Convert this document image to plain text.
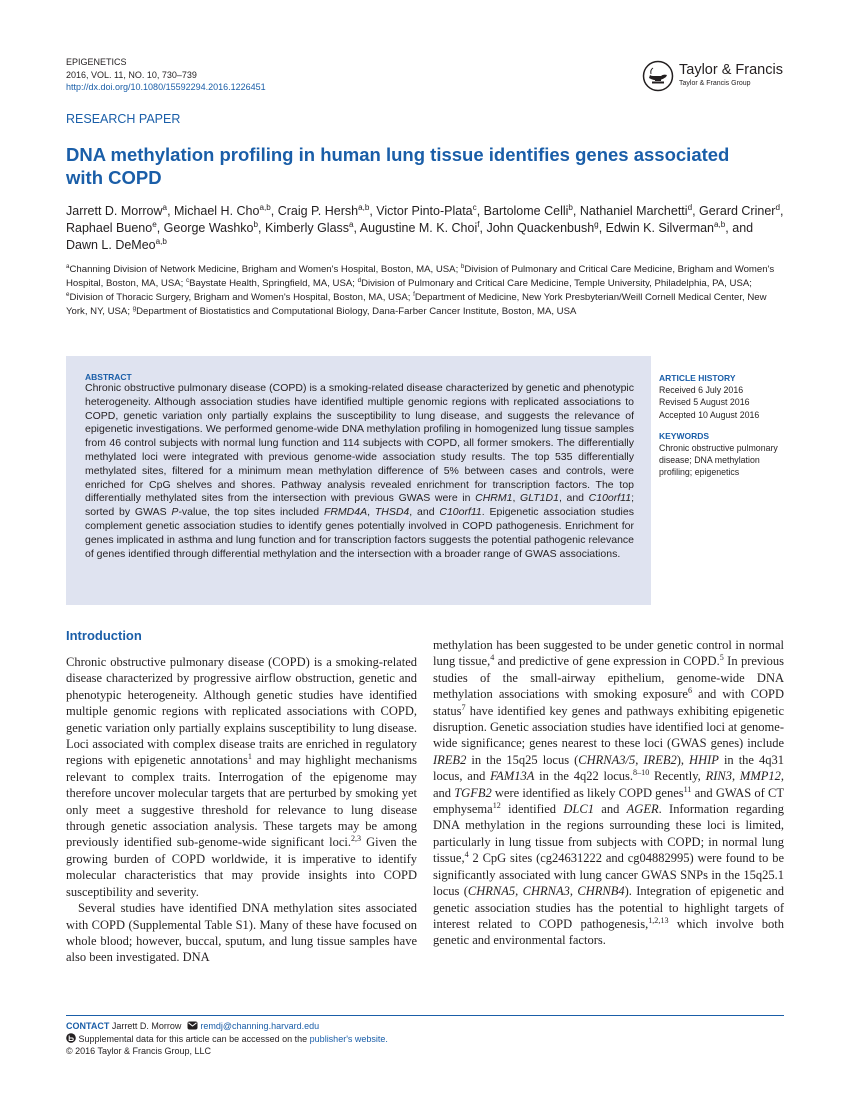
EPIGENETICS
2016, VOL. 11, NO. 10, 730–739
http://dx.doi.org/10.1080/15592294.2016.1226451
Taylor & Francis
Taylor & Francis Group
RESEARCH PAPER
DNA methylation profiling in human lung tissue identifies genes associated with COPD
Jarrett D. Morrow$^a$, Michael H. Cho$^{a,b}$, Craig P. Hersh$^{a,b}$, Victor Pinto-Plata$^c$, Bartolome Celli$^b$, Nathaniel Marchetti$^d$, Gerard Criner$^d$, Raphael Bueno$^e$, George Washko$^b$, Kimberly Glass$^a$, Augustine M. K. Choi$^f$, John Quackenbush$^g$, Edwin K. Silverman$^{a,b}$, and Dawn L. DeMeo$^{a,b}$
$^a$Channing Division of Network Medicine, Brigham and Women's Hospital, Boston, MA, USA; $^b$Division of Pulmonary and Critical Care Medicine, Brigham and Women's Hospital, Boston, MA, USA; $^c$Baystate Health, Springfield, MA, USA; $^d$Division of Pulmonary and Critical Care Medicine, Temple University, Philadelphia, PA, USA; $^e$Division of Thoracic Surgery, Brigham and Women's Hospital, Boston, MA, USA; $^f$Department of Medicine, New York Presbyterian/Weill Cornell Medical Center, New York, NY, USA; $^g$Department of Biostatistics and Computational Biology, Dana-Farber Cancer Institute, Boston, MA, USA
ABSTRACT
Chronic obstructive pulmonary disease (COPD) is a smoking-related disease characterized by genetic and phenotypic heterogeneity. Although association studies have identified multiple genomic regions with replicated associations to COPD, genetic variation only partially explains the susceptibility to lung disease, and suggests the relevance of epigenetic investigations. We performed genome-wide DNA methylation profiling in homogenized lung tissue samples from 46 control subjects with normal lung function and 114 subjects with COPD, all former smokers. The differentially methylated loci were integrated with previous genome-wide association study results. The top 535 differentially methylated sites, filtered for a minimum mean methylation difference of 5% between cases and controls, were enriched for CpG shelves and shores. Pathway analysis revealed enrichment for transcription factors. The top differentially methylated sites from the intersection with previous GWAS were in CHRM1, GLT1D1, and C10orf11; sorted by GWAS P-value, the top sites included FRMD4A, THSD4, and C10orf11. Epigenetic association studies complement genetic association studies to identify genes potentially involved in COPD pathogenesis. Enrichment for genes implicated in asthma and lung function and for transcription factors suggests the potential pathogenic relevance of genes identified through differential methylation and the intersection with a broader range of GWAS associations.
ARTICLE HISTORY
Received 6 July 2016
Revised 5 August 2016
Accepted 10 August 2016
KEYWORDS
Chronic obstructive pulmonary disease; DNA methylation profiling; epigenetics
Introduction

Chronic obstructive pulmonary disease (COPD) is a smoking-related disease characterized by progressive airflow obstruction, genetic and phenotypic heterogeneity. Although genetic studies have identified multiple genomic regions with replicated associations with COPD, genetic variation only partially explains susceptibility to lung disease. Loci associated with complex disease traits are enriched in regulatory regions with epigenetic annotations$^1$ and may highlight mechanisms relevant to complex traits. Interrogation of the epigenome may therefore uncover molecular targets that are perturbed by smoking yet only meet a suggestive threshold for relevance to lung disease through genetic association analysis. These targets may be among previously identified sub-genome-wide significant loci.$^{2,3}$ Given the growing burden of COPD worldwide, it is imperative to identify molecular characteristics that may provide insights into COPD susceptibility and severity.

Several studies have identified DNA methylation sites associated with COPD (Supplemental Table S1). Many of these have focused on whole blood; however, buccal, sputum, and lung tissue samples have also been investigated. DNA

methylation has been suggested to be under genetic control in normal lung tissue,$^4$ and predictive of gene expression in COPD.$^5$ In previous studies of the small-airway epithelium, genome-wide DNA methylation associations with smoking exposure$^6$ and with COPD status$^7$ have identified key genes and pathways exhibiting epigenetic disruption. Genetic association studies have identified loci at genome-wide significance; genes nearest to these loci (GWAS genes) include IREB2 in the 15q25 locus (CHRNA3/5, IREB2), HHIP in the 4q31 locus, and FAM13A in the 4q22 locus.$^{8-10}$ Recently, RIN3, MMP12, and TGFB2 were identified as likely COPD genes$^{11}$ and GWAS of CT emphysema$^{12}$ identified DLC1 and AGER. Information regarding DNA methylation in the regions surrounding these loci is limited, particularly in lung tissue from subjects with COPD; in normal lung tissue,$^4$ 2 CpG sites (cg24631222 and cg04882995) were found to be significantly associated with lung cancer GWAS SNPs in the 15q25.1 locus (CHRNA5, CHRNA3, CHRNB4). Integration of epigenetic and genetic association studies has the potential to highlight targets of interest related to COPD pathogenesis,$^{1,2,13}$ which involve both genetic and environmental factors.

CONTACT Jarrett D. Morrow remdj@channing.harvard.edu
Supplemental data for this article can be accessed on the publisher's website.
© 2016 Taylor & Francis Group, LLC
